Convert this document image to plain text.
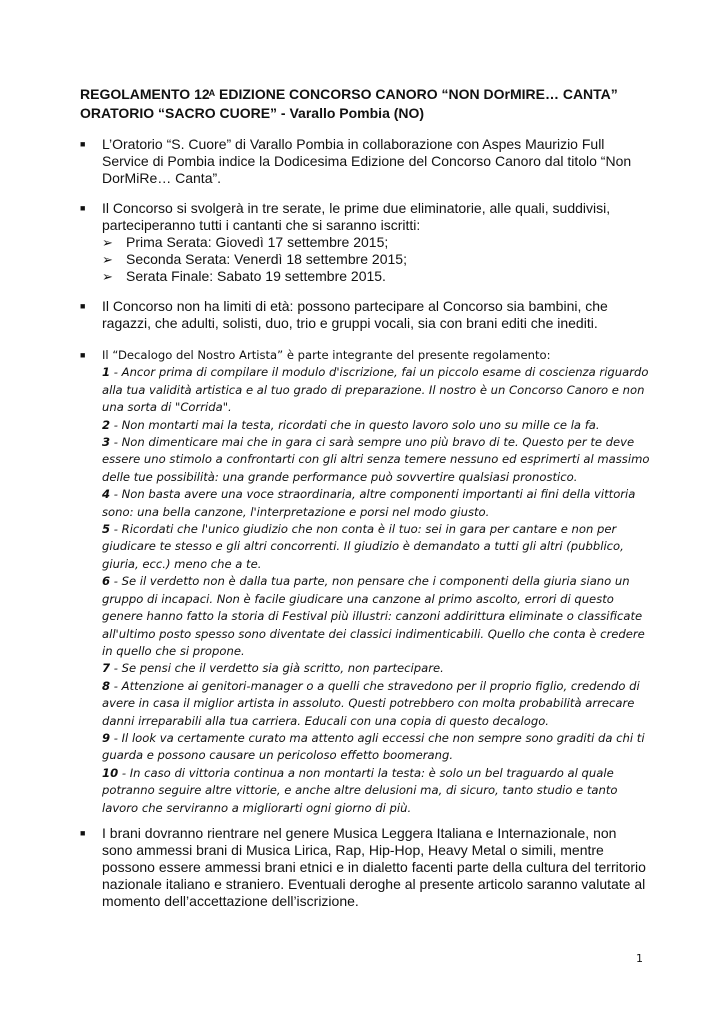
REGOLAMENTO $12^A$ EDIZIONE CONCORSO CANORO “NON DOrMIRE… CANTA”
ORATORIO “SACRO CUORE” - Varallo Pombia (NO)
■	L’Oratorio “S. Cuore” di Varallo Pombia in collaborazione con Aspes Maurizio Full Service di Pombia indice la Dodicesima Edizione del Concorso Canoro dal titolo “Non DorMiRe… Canta”.
■	Il Concorso si svolgerà in tre serate, le prime due eliminatorie, alle quali, suddivisi, parteciperanno tutti i cantanti che si saranno iscritti:
➢ Prima Serata: Giovedì 17 settembre 2015;
➢ Seconda Serata: Venerdì 18 settembre 2015;
➢ Serata Finale: Sabato 19 settembre 2015.
■	Il Concorso non ha limiti di età: possono partecipare al Concorso sia bambini, che ragazzi, che adulti, solisti, duo, trio e gruppi vocali, sia con brani editi che inediti.
■	Il “Decalogo del Nostro Artista” è parte integrante del presente regolamento:
1 - Ancor prima di compilare il modulo d'iscrizione, fai un piccolo esame di coscienza riguardo alla tua validità artistica e al tuo grado di preparazione. Il nostro è un Concorso Canoro e non una sorta di "Corrida".
2 - Non montarti mai la testa, ricordati che in questo lavoro solo uno su mille ce la fa.
3 - Non dimenticare mai che in gara ci sarà sempre uno più bravo di te. Questo per te deve essere uno stimolo a confrontarti con gli altri senza temere nessuno ed esprimerti al massimo delle tue possibilità: una grande performance può sovvertire qualsiasi pronostico.
4 - Non basta avere una voce straordinaria, altre componenti importanti ai fini della vittoria sono: una bella canzone, l'interpretazione e porsi nel modo giusto.
5 - Ricordati che l'unico giudizio che non conta è il tuo: sei in gara per cantare e non per giudicare te stesso e gli altri concorrenti. Il giudizio è demandato a tutti gli altri (pubblico, giuria, ecc.) meno che a te.
6 - Se il verdetto non è dalla tua parte, non pensare che i componenti della giuria siano un gruppo di incapaci. Non è facile giudicare una canzone al primo ascolto, errori di questo genere hanno fatto la storia di Festival più illustri: canzoni addirittura eliminate o classificate all'ultimo posto spesso sono diventate dei classici indimenticabili. Quello che conta è credere in quello che si propone.
7 - Se pensi che il verdetto sia già scritto, non partecipare.
8 - Attenzione ai genitori-manager o a quelli che stravedono per il proprio figlio, credendo di avere in casa il miglior artista in assoluto. Questi potrebbero con molta probabilità arrecare danni irreparabili alla tua carriera. Educali con una copia di questo decalogo.
9 - Il look va certamente curato ma attento agli eccessi che non sempre sono graditi da chi ti guarda e possono causare un pericoloso effetto boomerang.
10 - In caso di vittoria continua a non montarti la testa: è solo un bel traguardo al quale potranno seguire altre vittorie, e anche altre delusioni ma, di sicuro, tanto studio e tanto lavoro che serviranno a migliorarti ogni giorno di più.
■	I brani dovranno rientrare nel genere Musica Leggera Italiana e Internazionale, non sono ammessi brani di Musica Lirica, Rap, Hip-Hop, Heavy Metal o simili, mentre possono essere ammessi brani etnici e in dialetto facenti parte della cultura del territorio nazionale italiano e straniero. Eventuali deroghe al presente articolo saranno valutate al momento dell’accettazione dell’iscrizione.
1
